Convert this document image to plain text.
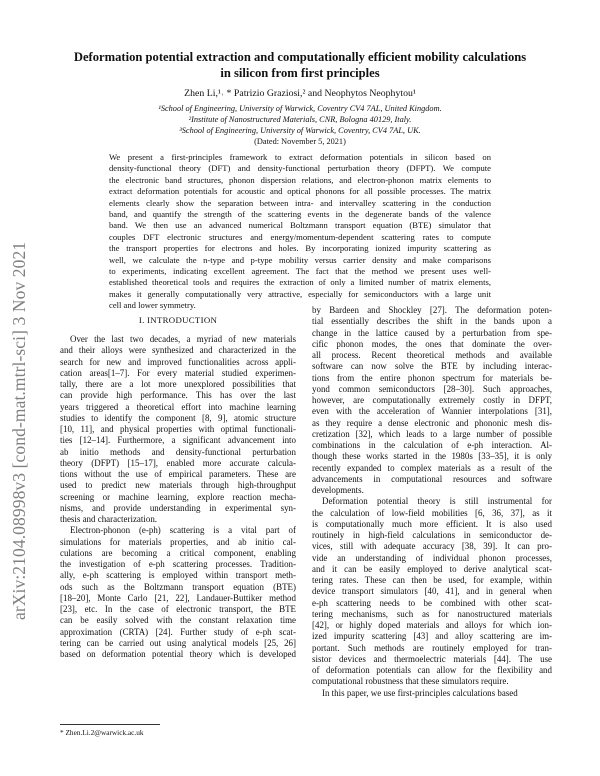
arXiv:2104.08998v3 [cond-mat.mtrl-sci] 3 Nov 2021
Deformation potential extraction and computationally efficient mobility calculations
in silicon from first principles
Zhen Li,¹˒ * Patrizio Graziosi,² and Neophytos Neophytou¹
¹School of Engineering, University of Warwick, Coventry CV4 7AL, United Kingdom.
²Institute of Nanostructured Materials, CNR, Bologna 40129, Italy.
³School of Engineering, University of Warwick, Coventry, CV4 7AL, UK.
(Dated: November 5, 2021)
We present a first-principles framework to extract deformation potentials in silicon based on
density-functional theory (DFT) and density-functional perturbation theory (DFPT). We compute
the electronic band structures, phonon dispersion relations, and electron-phonon matrix elements to
extract deformation potentials for acoustic and optical phonons for all possible processes. The matrix
elements clearly show the separation between intra- and intervalley scattering in the conduction
band, and quantify the strength of the scattering events in the degenerate bands of the valence
band. We then use an advanced numerical Boltzmann transport equation (BTE) simulator that
couples DFT electronic structures and energy/momentum-dependent scattering rates to compute
the transport properties for electrons and holes. By incorporating ionized impurity scattering as
well, we calculate the n-type and p-type mobility versus carrier density and make comparisons
to experiments, indicating excellent agreement. The fact that the method we present uses well-
established theoretical tools and requires the extraction of only a limited number of matrix elements,
makes it generally computationally very attractive, especially for semiconductors with a large unit
cell and lower symmetry.
I. INTRODUCTION
Over the last two decades, a myriad of new materials
and their alloys were synthesized and characterized in the
search for new and improved functionalities across appli-
cation areas[1–7]. For every material studied experimen-
tally, there are a lot more unexplored possibilities that
can provide high performance. This has over the last
years triggered a theoretical effort into machine learning
studies to identify the component [8, 9], atomic structure
[10, 11], and physical properties with optimal functionali-
ties [12–14]. Furthermore, a significant advancement into
ab initio methods and density-functional perturbation
theory (DFPT) [15–17], enabled more accurate calcula-
tions without the use of empirical parameters. These are
used to predict new materials through high-throughput
screening or machine learning, explore reaction mecha-
nisms, and provide understanding in experimental syn-
thesis and characterization.
Electron-phonon (e-ph) scattering is a vital part of
simulations for materials properties, and ab initio cal-
culations are becoming a critical component, enabling
the investigation of e-ph scattering processes. Tradition-
ally, e-ph scattering is employed within transport meth-
ods such as the Boltzmann transport equation (BTE)
[18–20], Monte Carlo [21, 22], Landauer-Buttiker method
[23], etc. In the case of electronic transport, the BTE
can be easily solved with the constant relaxation time
approximation (CRTA) [24]. Further study of e-ph scat-
tering can be carried out using analytical models [25, 26]
based on deformation potential theory which is developed
by Bardeen and Shockley [27]. The deformation poten-
tial essentially describes the shift in the bands upon a
change in the lattice caused by a perturbation from spe-
cific phonon modes, the ones that dominate the over-
all process. Recent theoretical methods and available
software can now solve the BTE by including interac-
tions from the entire phonon spectrum for materials be-
yond common semiconductors [28–30]. Such approaches,
however, are computationally extremely costly in DFPT,
even with the acceleration of Wannier interpolations [31],
as they require a dense electronic and phononic mesh dis-
cretization [32], which leads to a large number of possible
combinations in the calculation of e-ph interaction. Al-
though these works started in the 1980s [33–35], it is only
recently expanded to complex materials as a result of the
advancements in computational resources and software
developments.
Deformation potential theory is still instrumental for
the calculation of low-field mobilities [6, 36, 37], as it
is computationally much more efficient. It is also used
routinely in high-field calculations in semiconductor de-
vices, still with adequate accuracy [38, 39]. It can pro-
vide an understanding of individual phonon processes,
and it can be easily employed to derive analytical scat-
tering rates. These can then be used, for example, within
device transport simulators [40, 41], and in general when
e-ph scattering needs to be combined with other scat-
tering mechanisms, such as for nanostructured materials
[42], or highly doped materials and alloys for which ion-
ized impurity scattering [43] and alloy scattering are im-
portant. Such methods are routinely employed for tran-
sistor devices and thermoelectric materials [44]. The use
of deformation potentials can allow for the flexibility and
computational robustness that these simulators require.
In this paper, we use first-principles calculations based
* Zhen.Li.2@warwick.ac.uk
